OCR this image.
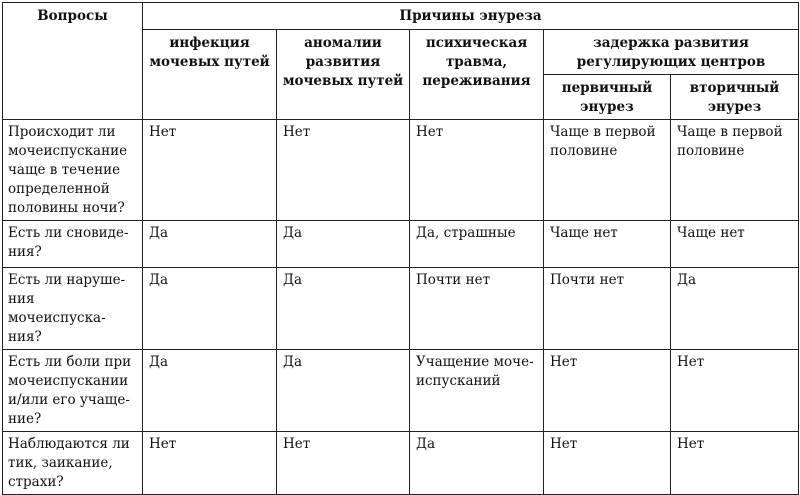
Вопросы	Причины энуреза				
	инфекция мочевых путей	аномалии развития мочевых путей	психическая травма, переживания	задержка развития регулирующих центров	
				первичный энурез	вторичный энурез
Происходит ли мочеиспускание чаще в течение определенной половины ночи?	Нет	Нет	Нет	Чаще в первой половине	Чаще в первой половине
Есть ли сновиде-ния?	Да	Да	Да, страшные	Чаще нет	Чаще нет
Есть ли наруше-ния мочеиспуска-ния?	Да	Да	Почти нет	Почти нет	Да
Есть ли боли при мочеиспускании и/или его учаще-ние?	Да	Да	Учащение моче-испусканий	Нет	Нет
Наблюдаются ли тик, заикание, страхи?	Нет	Нет	Да	Нет	Нет
